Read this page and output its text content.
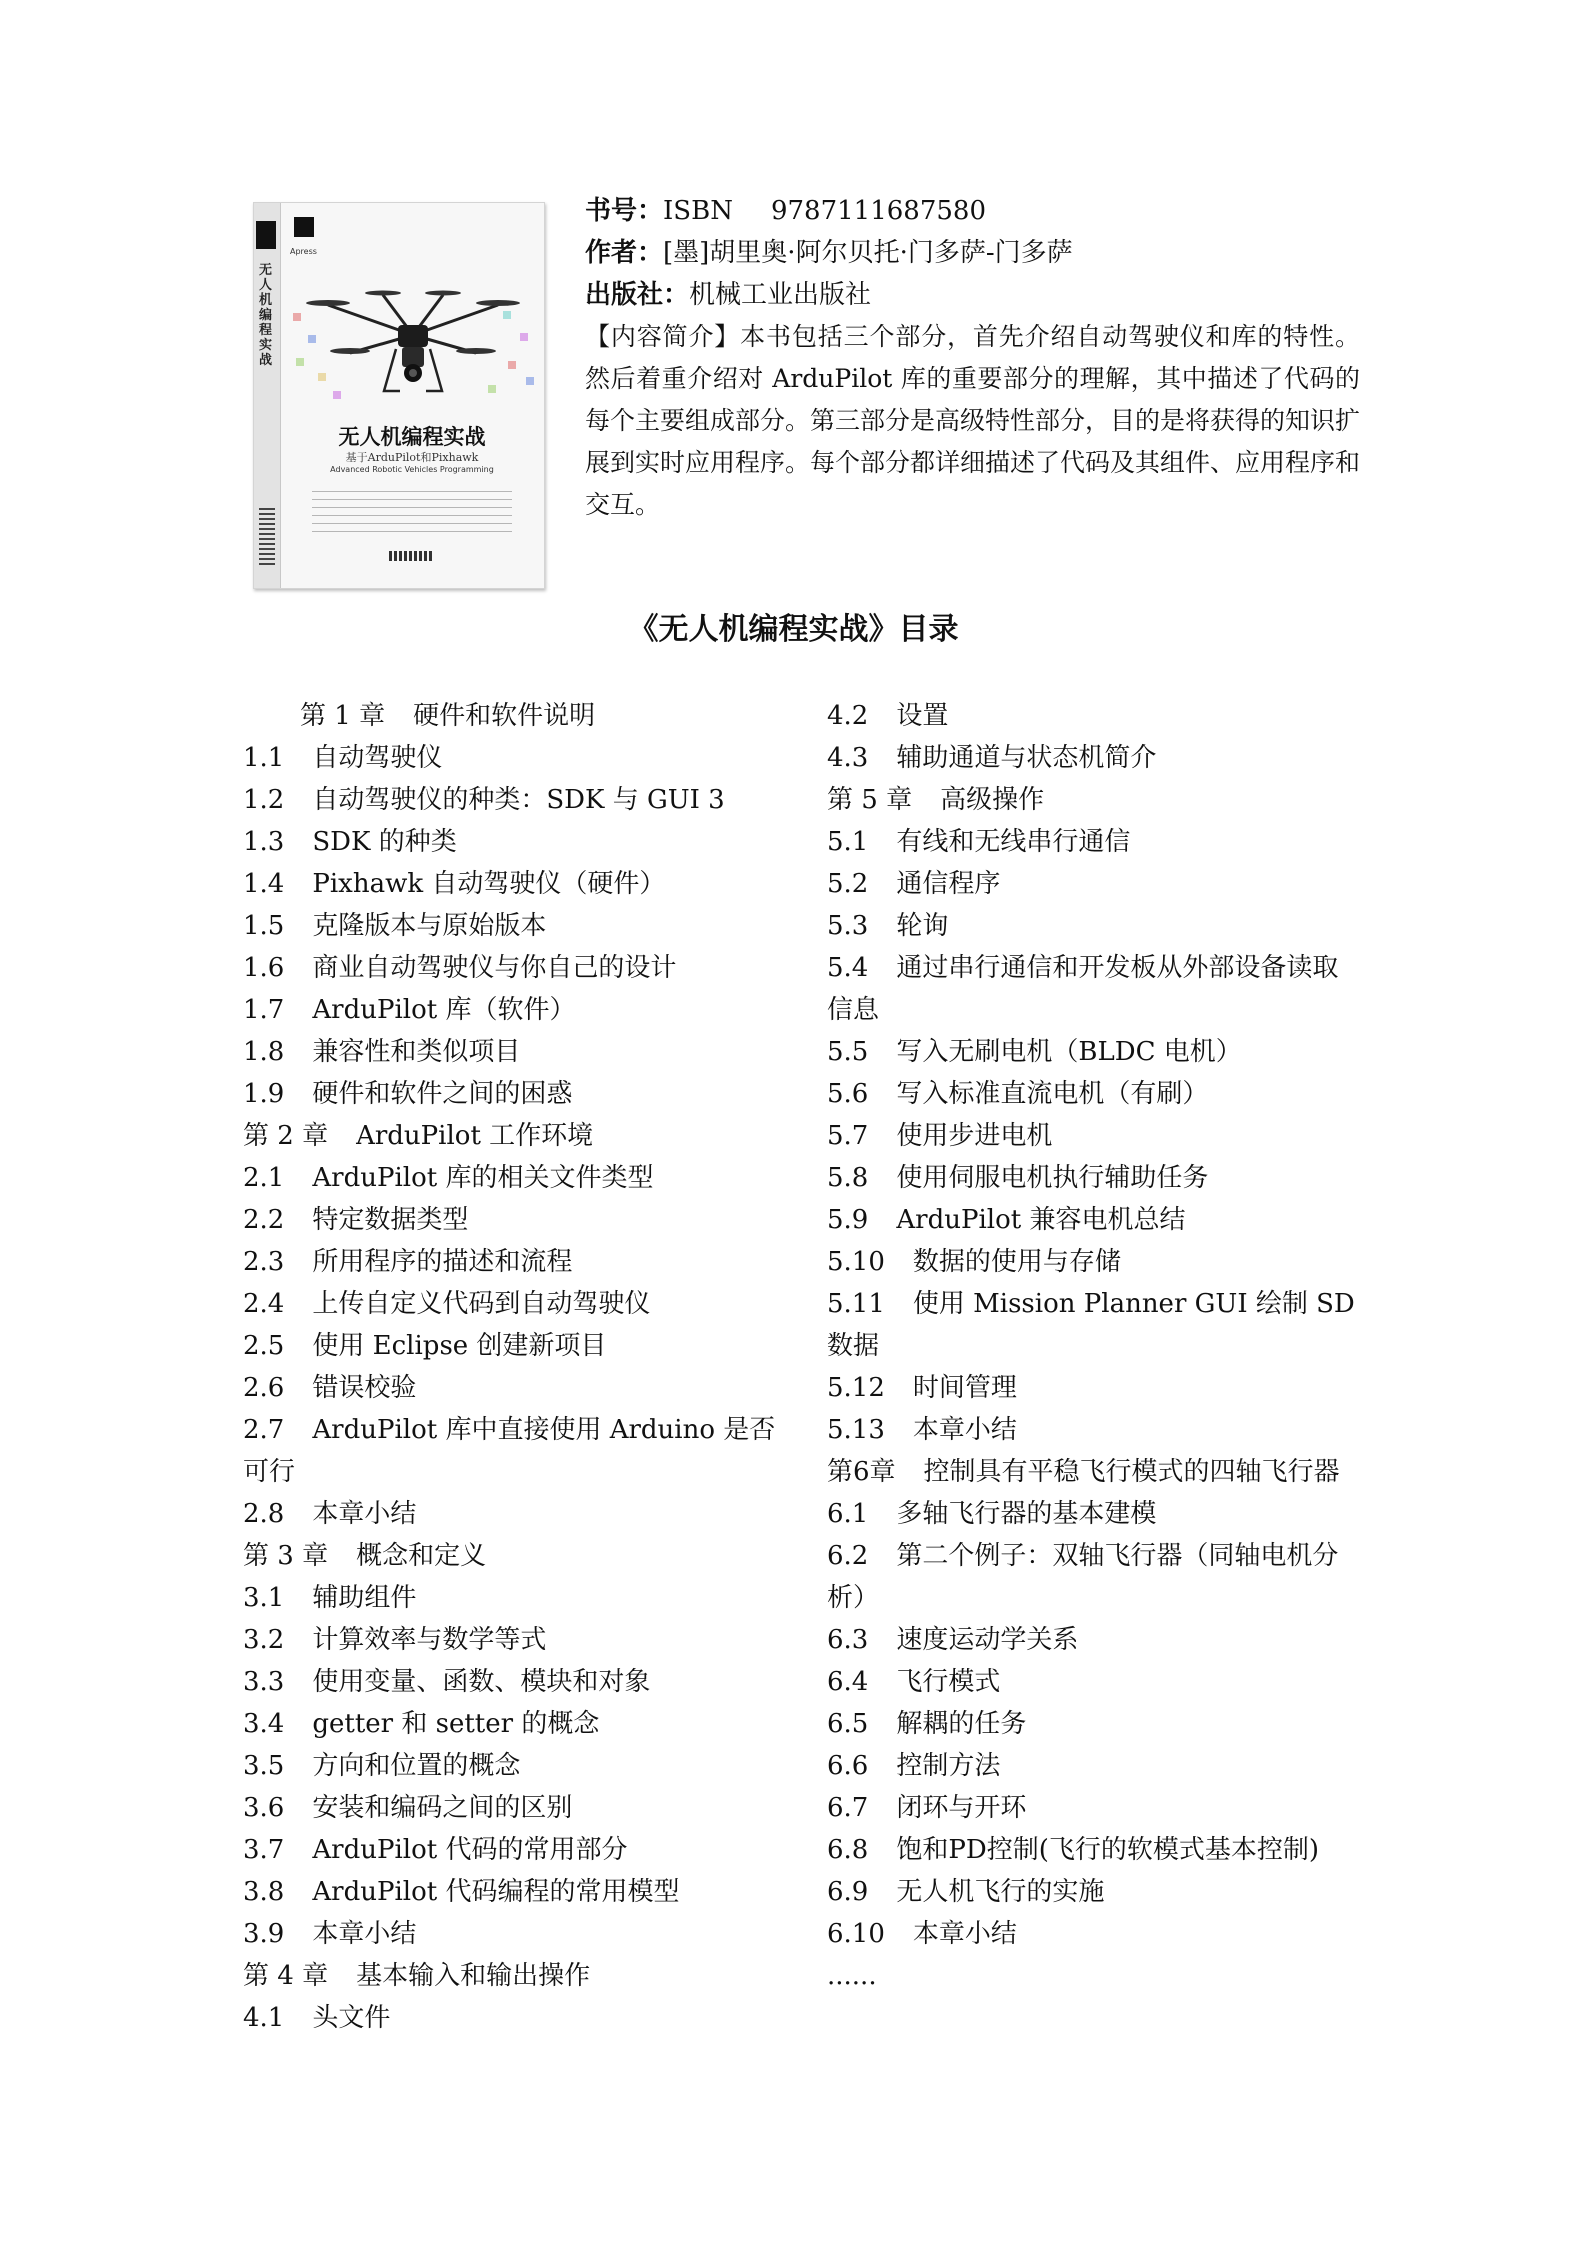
无人机编程实战
Apress
无人机编程实战
基于ArduPilot和Pixhawk
Advanced Robotic Vehicles Programming
书号：ISBN 9787111687580
作者：[墨]胡里奥·阿尔贝托·门多萨-门多萨
出版社：机械工业出版社
【内容简介】本书包括三个部分，首先介绍自动驾驶仪和库的特性。然后着重介绍对 ArduPilot 库的重要部分的理解，其中描述了代码的每个主要组成部分。第三部分是高级特性部分，目的是将获得的知识扩展到实时应用程序。每个部分都详细描述了代码及其组件、应用程序和交互。
《无人机编程实战》目录
第 1 章 硬件和软件说明
1.1 自动驾驶仪
1.2 自动驾驶仪的种类：SDK 与 GUI 3
1.3 SDK 的种类
1.4 Pixhawk 自动驾驶仪（硬件）
1.5 克隆版本与原始版本
1.6 商业自动驾驶仪与你自己的设计
1.7 ArduPilot 库（软件）
1.8 兼容性和类似项目
1.9 硬件和软件之间的困惑
第 2 章 ArduPilot 工作环境
2.1 ArduPilot 库的相关文件类型
2.2 特定数据类型
2.3 所用程序的描述和流程
2.4 上传自定义代码到自动驾驶仪
2.5 使用 Eclipse 创建新项目
2.6 错误校验
2.7 ArduPilot 库中直接使用 Arduino 是否可行
2.8 本章小结
第 3 章 概念和定义
3.1 辅助组件
3.2 计算效率与数学等式
3.3 使用变量、函数、模块和对象
3.4 getter 和 setter 的概念
3.5 方向和位置的概念
3.6 安装和编码之间的区别
3.7 ArduPilot 代码的常用部分
3.8 ArduPilot 代码编程的常用模型
3.9 本章小结
第 4 章 基本输入和输出操作
4.1 头文件
4.2 设置
4.3 辅助通道与状态机简介
第 5 章 高级操作
5.1 有线和无线串行通信
5.2 通信程序
5.3 轮询
5.4 通过串行通信和开发板从外部设备读取信息
5.5 写入无刷电机（BLDC 电机）
5.6 写入标准直流电机（有刷）
5.7 使用步进电机
5.8 使用伺服电机执行辅助任务
5.9 ArduPilot 兼容电机总结
5.10 数据的使用与存储
5.11 使用 Mission Planner GUI 绘制 SD 数据
5.12 时间管理
5.13 本章小结
第6章 控制具有平稳飞行模式的四轴飞行器
6.1 多轴飞行器的基本建模
6.2 第二个例子：双轴飞行器（同轴电机分析）
6.3 速度运动学关系
6.4 飞行模式
6.5 解耦的任务
6.6 控制方法
6.7 闭环与开环
6.8 饱和PD控制(飞行的软模式基本控制)
6.9 无人机飞行的实施
6.10 本章小结
......
